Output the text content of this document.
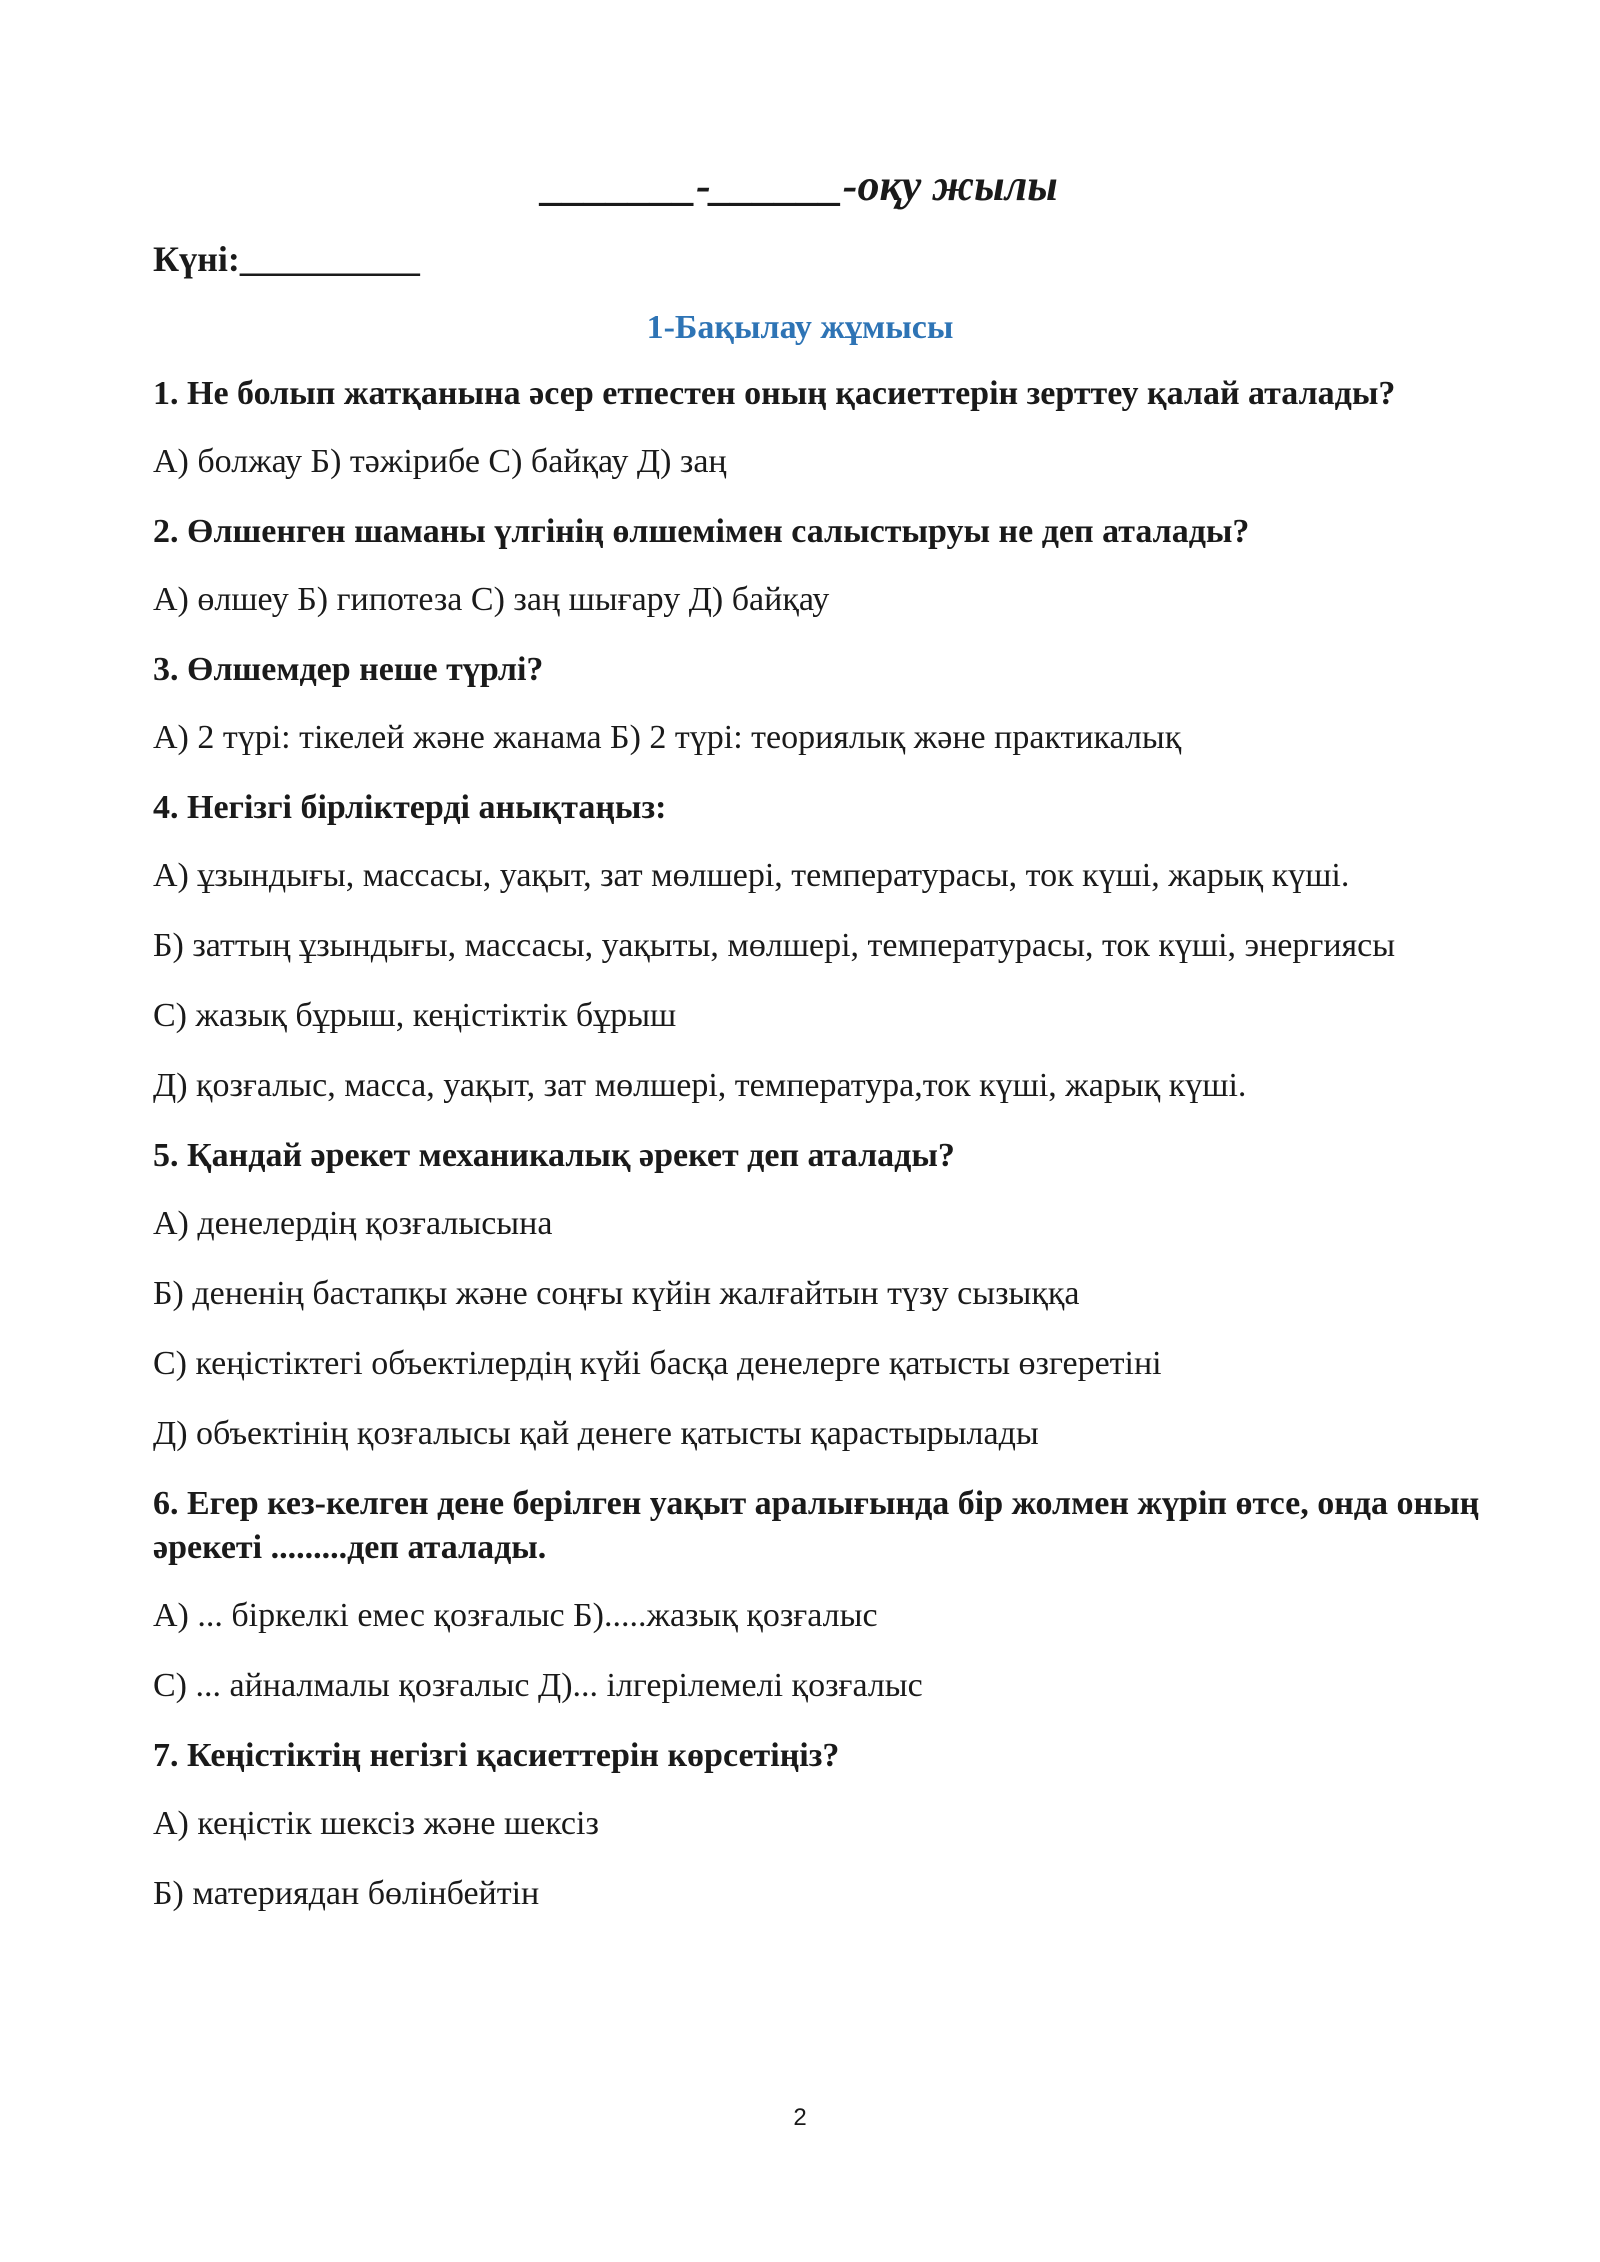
_______-______-оқу жылы
Күні:__________
1-Бақылау жұмысы

1. Не болып жатқанына әсер етпестен оның қасиеттерін зерттеу қалай аталады?

А) болжау Б) тәжірибе С) байқау Д) заң

2. Өлшенген шаманы үлгінің өлшемімен салыстыруы не деп аталады?

А) өлшеу Б) гипотеза С) заң шығару Д) байқау

3. Өлшемдер неше түрлі?

А) 2 түрі: тікелей және жанама Б) 2 түрі: теориялық және практикалық

4. Негізгі бірліктерді анықтаңыз:

А) ұзындығы, массасы, уақыт, зат мөлшері, температурасы, ток күші, жарық күші.

Б) заттың ұзындығы, массасы, уақыты, мөлшері, температурасы, ток күші, энергиясы

С) жазық бұрыш, кеңістіктік бұрыш

Д) қозғалыс, масса, уақыт, зат мөлшері, температура,ток күші, жарық күші.

5. Қандай әрекет механикалық әрекет деп аталады?

А) денелердің қозғалысына

Б) дененің бастапқы және соңғы күйін жалғайтын түзу сызыққа

С) кеңістіктегі объектілердің күйі басқа денелерге қатысты өзгеретіні

Д) объектінің қозғалысы қай денеге қатысты қарастырылады

6. Егер кез-келген дене берілген уақыт аралығында бір жолмен жүріп өтсе, онда оның әрекеті .........деп аталады.

А) ... біркелкі емес қозғалыс Б).....жазық қозғалыс

С) ... айналмалы қозғалыс Д)... ілгерілемелі қозғалыс

7. Кеңістіктің негізгі қасиеттерін көрсетіңіз?

А) кеңістік шексіз және шексіз

Б) материядан бөлінбейтін

2
